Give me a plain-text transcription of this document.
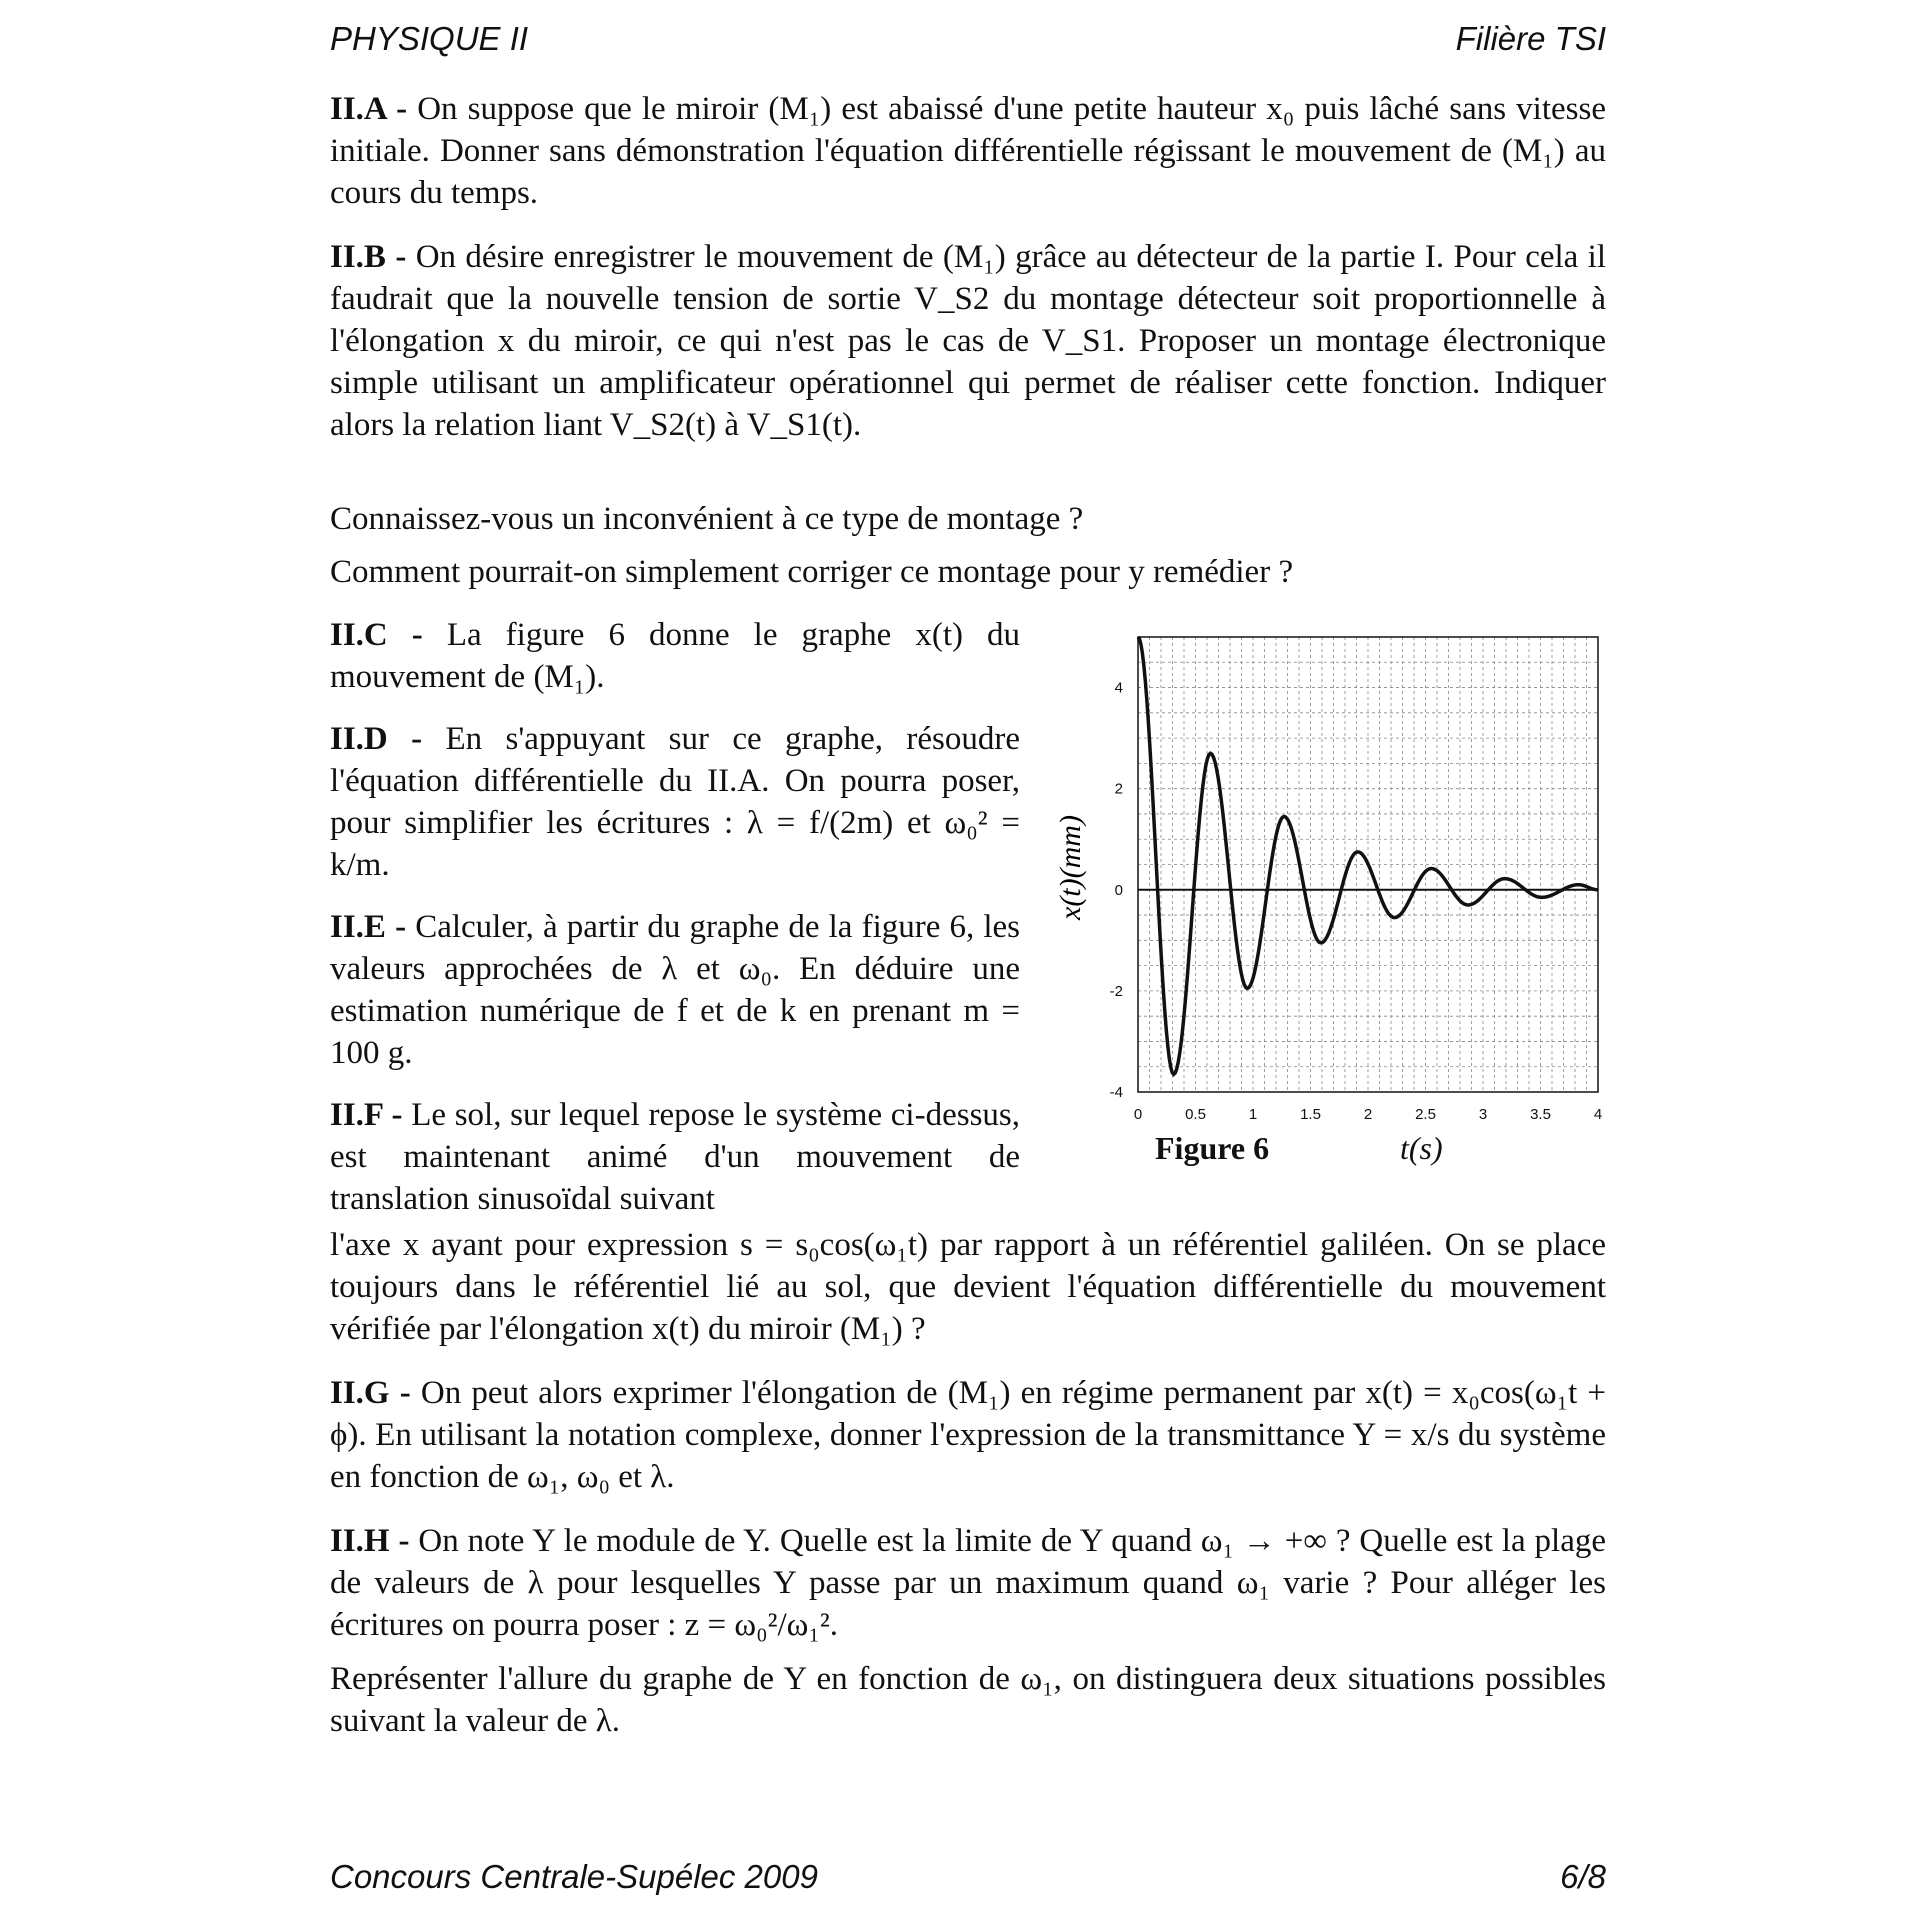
PHYSIQUE II	Filière TSI

II.A - On suppose que le miroir (M₁) est abaissé d'une petite hauteur x₀ puis lâché sans vitesse initiale. Donner sans démonstration l'équation différentielle régissant le mouvement de (M₁) au cours du temps.

II.B - On désire enregistrer le mouvement de (M₁) grâce au détecteur de la partie I. Pour cela il faudrait que la nouvelle tension de sortie V_S2 du montage détecteur soit proportionnelle à l'élongation x du miroir, ce qui n'est pas le cas de V_S1. Proposer un montage électronique simple utilisant un amplificateur opérationnel qui permet de réaliser cette fonction. Indiquer alors la relation liant V_S2(t) à V_S1(t).

Connaissez-vous un inconvénient à ce type de montage ?

Comment pourrait-on simplement corriger ce montage pour y remédier ?

II.C - La figure 6 donne le graphe x(t) du mouvement de (M₁).

II.D - En s'appuyant sur ce graphe, résoudre l'équation différentielle du II.A. On pourra poser, pour simplifier les écritures : λ = f/(2m) et ω₀² = k/m.

II.E - Calculer, à partir du graphe de la figure 6, les valeurs approchées de λ et ω₀. En déduire une estimation numérique de f et de k en prenant m = 100 g.

II.F - Le sol, sur lequel repose le système ci-dessus, est maintenant animé d'un mouvement de translation sinusoïdal suivant

0	0.5	1	1.5	2	2.5	3	3.5	4
4
2
0
-2
-4
x(t)(mm)
Figure 6	t(s)

l'axe x ayant pour expression s = s₀cos(ω₁t) par rapport à un référentiel galiléen. On se place toujours dans le référentiel lié au sol, que devient l'équation différentielle du mouvement vérifiée par l'élongation x(t) du miroir (M₁) ?

II.G - On peut alors exprimer l'élongation de (M₁) en régime permanent par x(t) = x₀cos(ω₁t + ϕ). En utilisant la notation complexe, donner l'expression de la transmittance Y = x/s du système en fonction de ω₁, ω₀ et λ.

II.H - On note Y le module de Y. Quelle est la limite de Y quand ω₁ → +∞ ? Quelle est la plage de valeurs de λ pour lesquelles Y passe par un maximum quand ω₁ varie ? Pour alléger les écritures on pourra poser : z = ω₀²/ω₁².

Représenter l'allure du graphe de Y en fonction de ω₁, on distinguera deux situations possibles suivant la valeur de λ.

Concours Centrale-Supélec 2009	6/8
